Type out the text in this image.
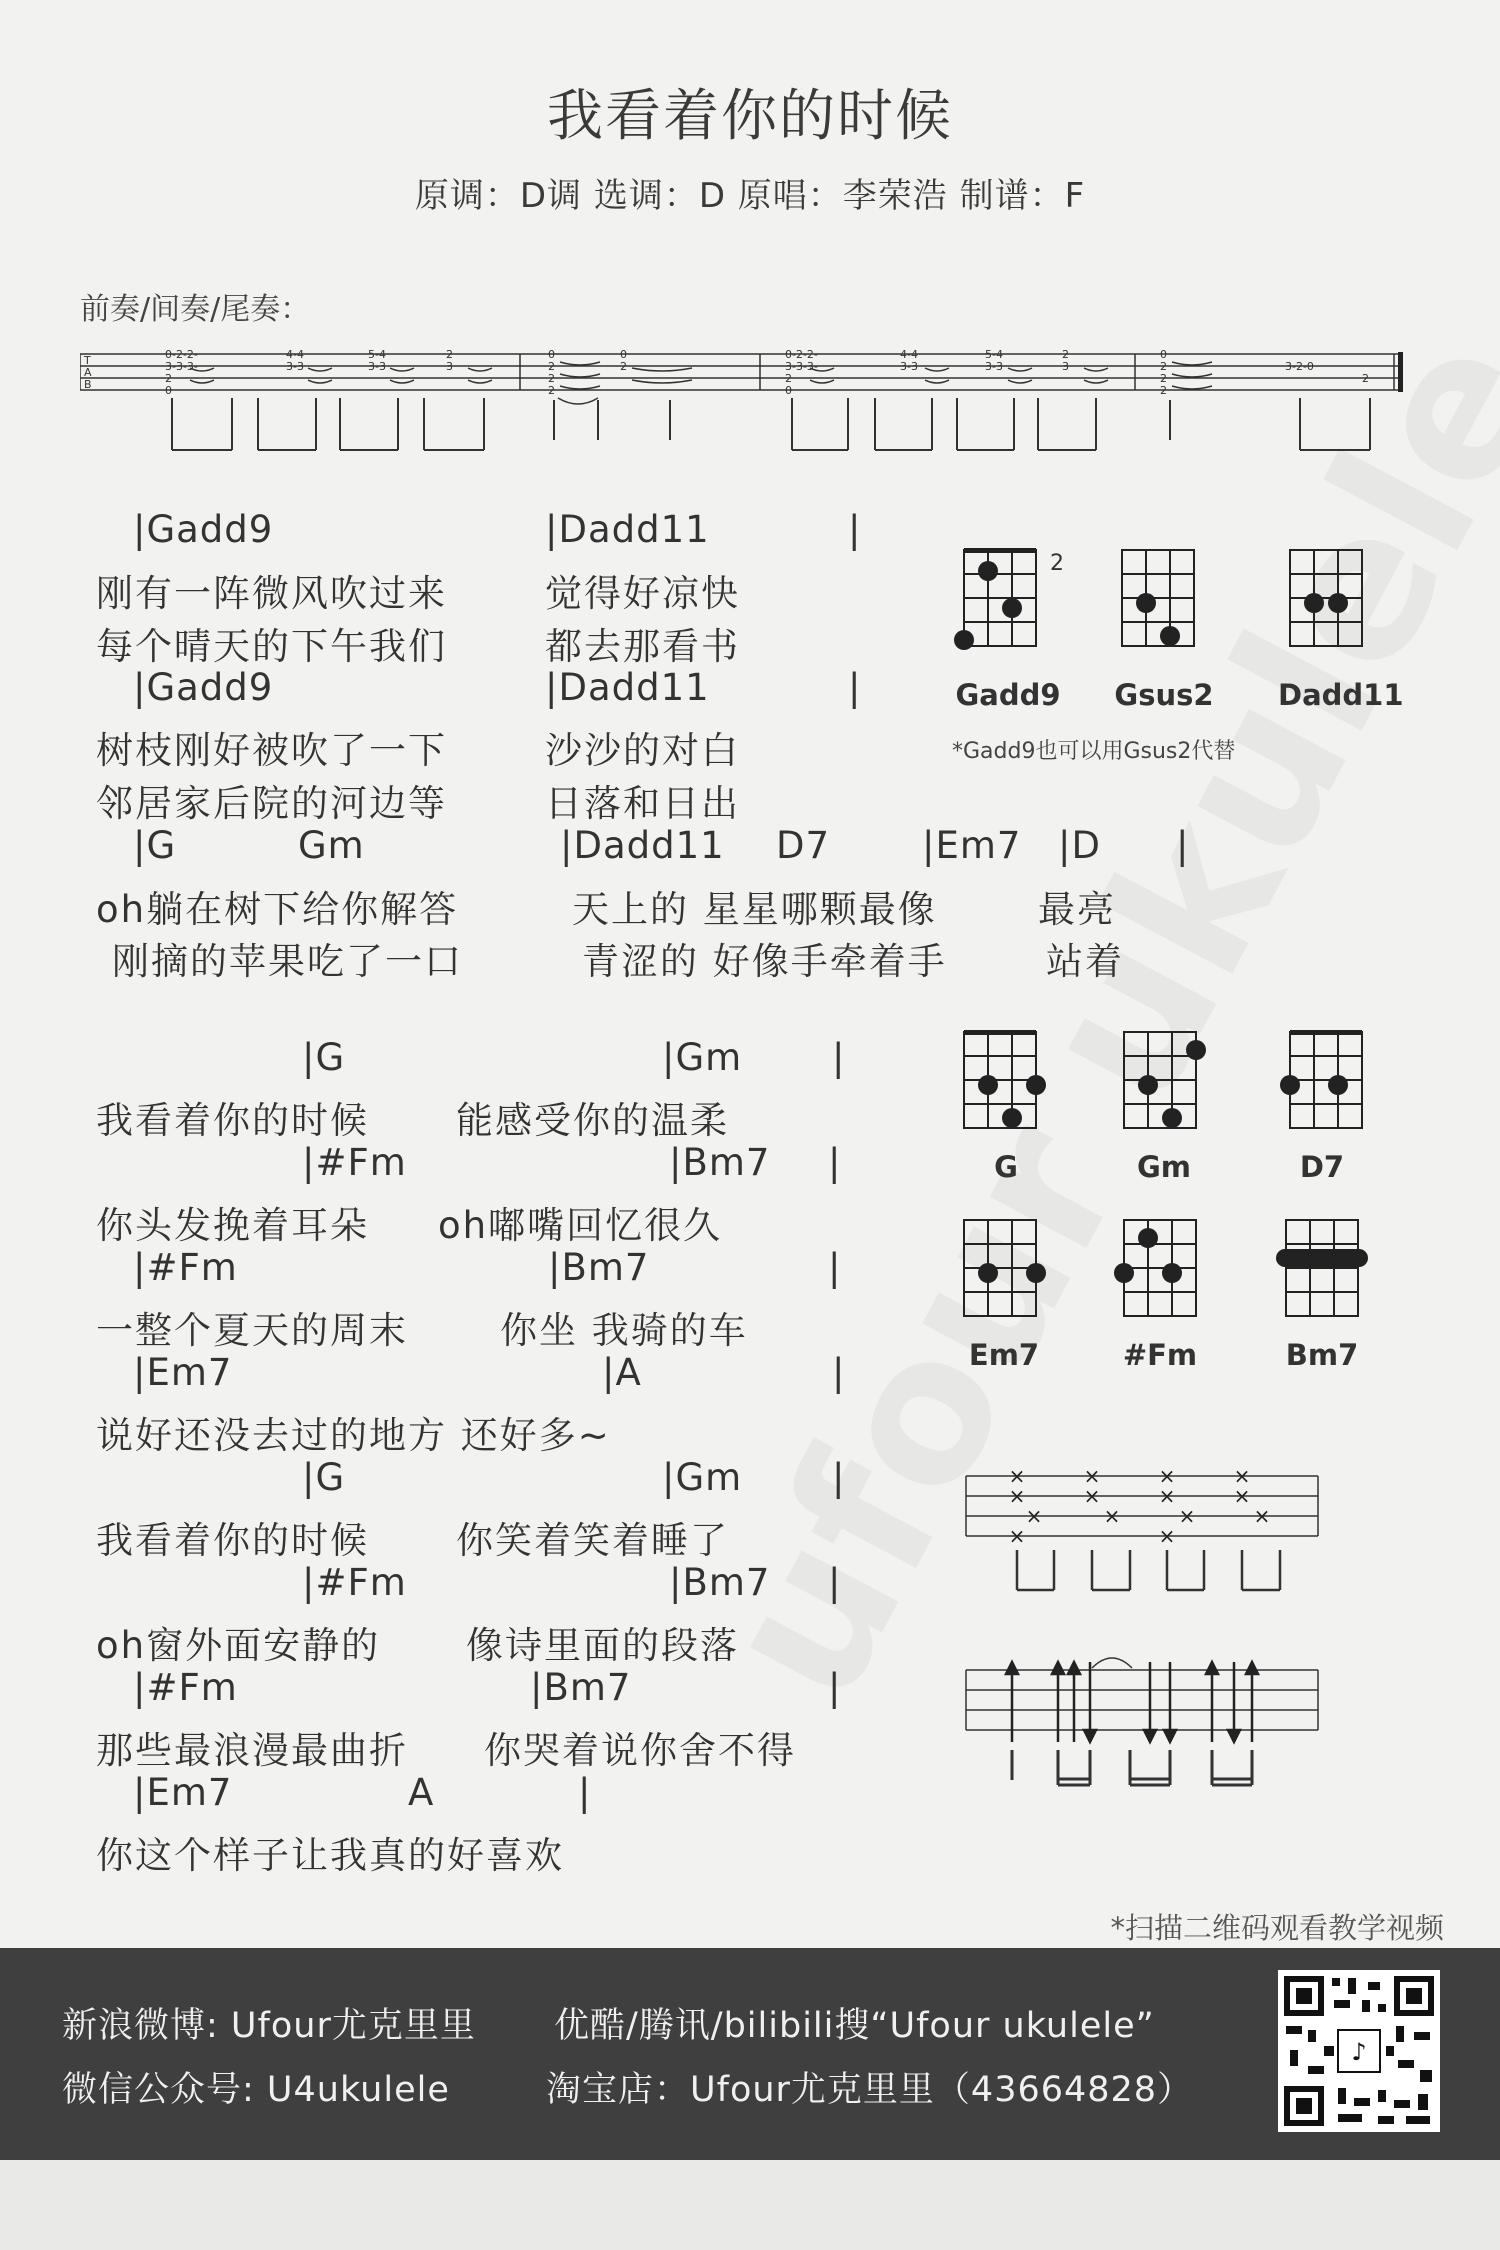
我看着你的时候
原调：D调 选调：D 原唱：李荣浩 制谱：F
前奏/间奏/尾奏：
T
A
B
0-2-2-
3-3-3-
2
0
4-4
3-3
5-4
3-3
2
3
0
2
2
2
0
2
0-2-2-
3-3-3-
2
0
4-4
3-3
5-4
3-3
2
3
0
2
2
2
3-2-0
2
|Gadd9	|Dadd11	|
刚有一阵微风吹过来	觉得好凉快
每个晴天的下午我们	都去那看书
|Gadd9	|Dadd11	|
树枝刚好被吹了一下	沙沙的对白
邻居家后院的河边等	日落和日出
|G	Gm	|Dadd11 D7 |Em7 |D |
oh躺在树下给你解答	天上的 星星哪颗最像	最亮
刚摘的苹果吃了一口	青涩的 好像手牵着手	站着
|G	|Gm |
我看着你的时候 能感受你的温柔
|#Fm	|Bm7 |
你头发挽着耳朵 oh嘟嘴回忆很久
|#Fm	|Bm7	|
一整个夏天的周末 你坐 我骑的车
|Em7	|A	|
说好还没去过的地方 还好多~
|G	|Gm |
我看着你的时候 你笑着笑着睡了
|#Fm	|Bm7 |
oh窗外面安静的 像诗里面的段落
|#Fm	|Bm7	|
那些最浪漫最曲折 你哭着说你舍不得
|Em7	A	|
你这个样子让我真的好喜欢
2
Gadd9	Gsus2	Dadd11
*Gadd9也可以用Gsus2代替
G	Gm	D7
Em7	#Fm	Bm7
×
×
×
×
×
×
×
×
×
×
×
×
×
×
*扫描二维码观看教学视频
新浪微博: Ufour尤克里里 优酷/腾讯/bilibili搜“Ufour ukulele”
微信公众号: U4ukulele	淘宝店：Ufour尤克里里（43664828）
♪
